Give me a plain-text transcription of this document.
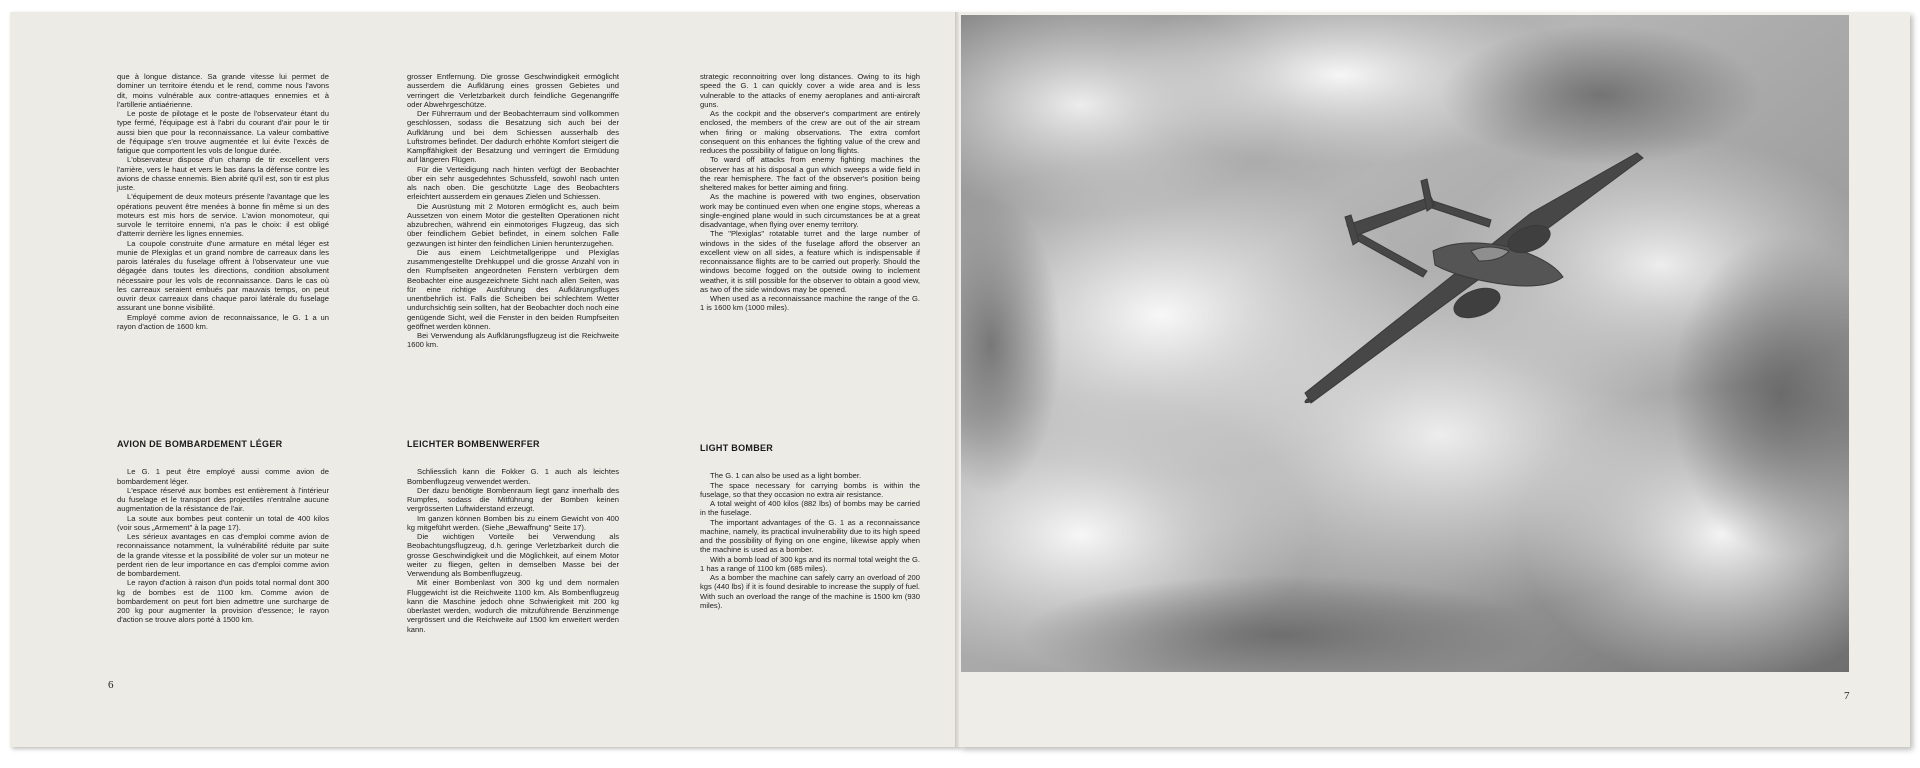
que à longue distance. Sa grande vitesse lui permet de dominer un territoire étendu et le rend, comme nous l'avons dit, moins vulnérable aux contre-attaques ennemies et à l'artillerie antiaérienne.

Le poste de pilotage et le poste de l'observateur étant du type fermé, l'équipage est à l'abri du courant d'air pour le tir aussi bien que pour la reconnaissance. La valeur combattive de l'équipage s'en trouve augmentée et lui évite l'excès de fatigue que comportent les vols de longue durée.

L'observateur dispose d'un champ de tir excellent vers l'arrière, vers le haut et vers le bas dans la défense contre les avions de chasse ennemis. Bien abrité qu'il est, son tir est plus juste.

L'équipement de deux moteurs présente l'avantage que les opérations peuvent être menées à bonne fin même si un des moteurs est mis hors de service. L'avion monomoteur, qui survole le territoire ennemi, n'a pas le choix: il est obligé d'atterrir derrière les lignes ennemies.

La coupole construite d'une armature en métal léger est munie de Plexiglas et un grand nombre de carreaux dans les parois latérales du fuselage offrent à l'observateur une vue dégagée dans toutes les directions, condition absolument nécessaire pour les vols de reconnaissance. Dans le cas où les carreaux seraient embués par mauvais temps, on peut ouvrir deux carreaux dans chaque paroi latérale du fuselage assurant une bonne visibilité.

Employé comme avion de reconnaissance, le G. 1 a un rayon d'action de 1600 km.

grosser Entfernung. Die grosse Geschwindigkeit ermöglicht ausserdem die Aufklärung eines grossen Gebietes und verringert die Verletzbarkeit durch feindliche Gegenangriffe oder Abwehrgeschütze.

Der Führerraum und der Beobachterraum sind vollkommen geschlossen, sodass die Besatzung sich auch bei der Aufklärung und bei dem Schiessen ausserhalb des Luftstromes befindet. Der dadurch erhöhte Komfort steigert die Kampffähigkeit der Besatzung und verringert die Ermüdung auf längeren Flügen.

Für die Verteidigung nach hinten verfügt der Beobachter über ein sehr ausgedehntes Schussfeld, sowohl nach unten als nach oben. Die geschützte Lage des Beobachters erleichtert ausserdem ein genaues Zielen und Schiessen.

Die Ausrüstung mit 2 Motoren ermöglicht es, auch beim Aussetzen von einem Motor die gestellten Operationen nicht abzubrechen, während ein einmotoriges Flugzeug, das sich über feindlichem Gebiet befindet, in einem solchen Falle gezwungen ist hinter den feindlichen Linien herunterzugehen.

Die aus einem Leichtmetallgerippe und Plexiglas zusammengestellte Drehkuppel und die grosse Anzahl von in den Rumpfseiten angeordneten Fenstern verbürgen dem Beobachter eine ausgezeichnete Sicht nach allen Seiten, was für eine richtige Ausführung des Aufklärungsfluges unentbehrlich ist. Falls die Scheiben bei schlechtem Wetter undurchsichtig sein sollten, hat der Beobachter doch noch eine genügende Sicht, weil die Fenster in den beiden Rumpfseiten geöffnet werden können.

Bei Verwendung als Aufklärungsflugzeug ist die Reichweite 1600 km.

strategic reconnoitring over long distances. Owing to its high speed the G. 1 can quickly cover a wide area and is less vulnerable to the attacks of enemy aeroplanes and anti-aircraft guns.

As the cockpit and the observer's compartment are entirely enclosed, the members of the crew are out of the air stream when firing or making observations. The extra comfort consequent on this enhances the fighting value of the crew and reduces the possibility of fatigue on long flights.

To ward off attacks from enemy fighting machines the observer has at his disposal a gun which sweeps a wide field in the rear hemisphere. The fact of the observer's position being sheltered makes for better aiming and firing.

As the machine is powered with two engines, observation work may be continued even when one engine stops, whereas a single-engined plane would in such circumstances be at a great disadvantage, when flying over enemy territory.

The "Plexiglas" rotatable turret and the large number of windows in the sides of the fuselage afford the observer an excellent view on all sides, a feature which is indispensable if reconnaissance flights are to be carried out properly. Should the windows become fogged on the outside owing to inclement weather, it is still possible for the observer to obtain a good view, as two of the side windows may be opened.

When used as a reconnaissance machine the range of the G. 1 is 1600 km (1000 miles).

AVION DE BOMBARDEMENT LÉGER

Le G. 1 peut être employé aussi comme avion de bombardement léger.

L'espace réservé aux bombes est entièrement à l'intérieur du fuselage et le transport des projectiles n'entraîne aucune augmentation de la résistance de l'air.

La soute aux bombes peut contenir un total de 400 kilos (voir sous „Armement" à la page 17).

Les sérieux avantages en cas d'emploi comme avion de reconnaissance notamment, la vulnérabilité réduite par suite de la grande vitesse et la possibilité de voler sur un moteur ne perdent rien de leur importance en cas d'emploi comme avion de bombardement.

Le rayon d'action à raison d'un poids total normal dont 300 kg de bombes est de 1100 km. Comme avion de bombardement on peut fort bien admettre une surcharge de 200 kg pour augmenter la provision d'essence; le rayon d'action se trouve alors porté à 1500 km.

LEICHTER BOMBENWERFER

Schliesslich kann die Fokker G. 1 auch als leichtes Bombenflugzeug verwendet werden.

Der dazu benötigte Bombenraum liegt ganz innerhalb des Rumpfes, sodass die Mitführung der Bomben keinen vergrösserten Luftwiderstand erzeugt.

Im ganzen können Bomben bis zu einem Gewicht von 400 kg mitgeführt werden. (Siehe „Bewaffnung" Seite 17).

Die wichtigen Vorteile bei Verwendung als Beobachtungsflugzeug, d.h. geringe Verletzbarkeit durch die grosse Geschwindigkeit und die Möglichkeit, auf einem Motor weiter zu fliegen, gelten in demselben Masse bei der Verwendung als Bombenflugzeug.

Mit einer Bombenlast von 300 kg und dem normalen Fluggewicht ist die Reichweite 1100 km. Als Bombenflugzeug kann die Maschine jedoch ohne Schwierigkeit mit 200 kg überlastet werden, wodurch die mitzuführende Benzinmenge vergrössert und die Reichweite auf 1500 km erweitert werden kann.

LIGHT BOMBER

The G. 1 can also be used as a light bomber.

The space necessary for carrying bombs is within the fuselage, so that they occasion no extra air resistance.

A total weight of 400 kilos (882 lbs) of bombs may be carried in the fuselage.

The important advantages of the G. 1 as a reconnaissance machine, namely, its practical invulnerability due to its high speed and the possibility of flying on one engine, likewise apply when the machine is used as a bomber.

With a bomb load of 300 kgs and its normal total weight the G. 1 has a range of 1100 km (685 miles).

As a bomber the machine can safely carry an overload of 200 kgs (440 lbs) if it is found desirable to increase the supply of fuel. With such an overload the range of the machine is 1500 km (930 miles).

6
7
